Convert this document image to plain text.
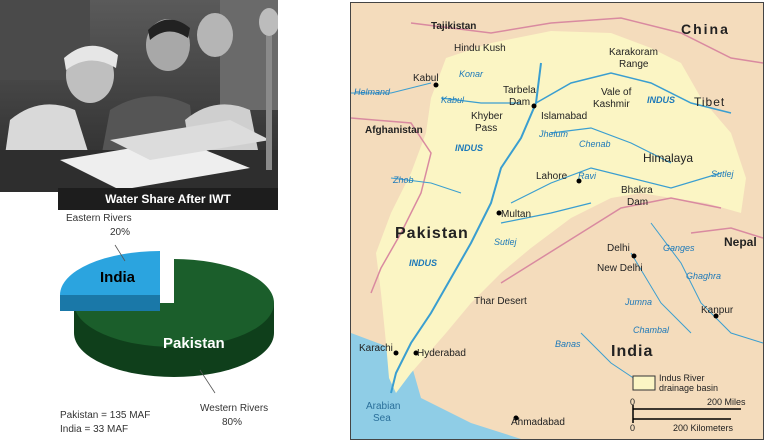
Water Share After IWT
Eastern Rivers
20%
India
Pakistan
Western Rivers
80%
Pakistan = 135 MAF
India = 33 MAF
Tajikistan	China
Tibet
Afghanistan
Pakistan
India
Nepal
Hindu Kush	Karakoram
Range
Kabul
Tarbela
Dam
Vale of
Kashmir
Khyber
Pass
Islamabad
Himalaya
Lahore
Bhakra
Dam
Multan
Delhi
New Delhi
Thar Desert
Kanpur
Karachi Hyderabad
Ahmadabad
Arabian
Sea
Konar
Helmand
Kabul	INDUS
INDUS
INDUS
Jhelum
Chenab
Ravi	Sutlej
Sutlej
Zhob
Ganges
Ghaghra
Jumna
Chambal
Banas
Indus River
drainage basin
0	200 Miles
0	200 Kilometers
